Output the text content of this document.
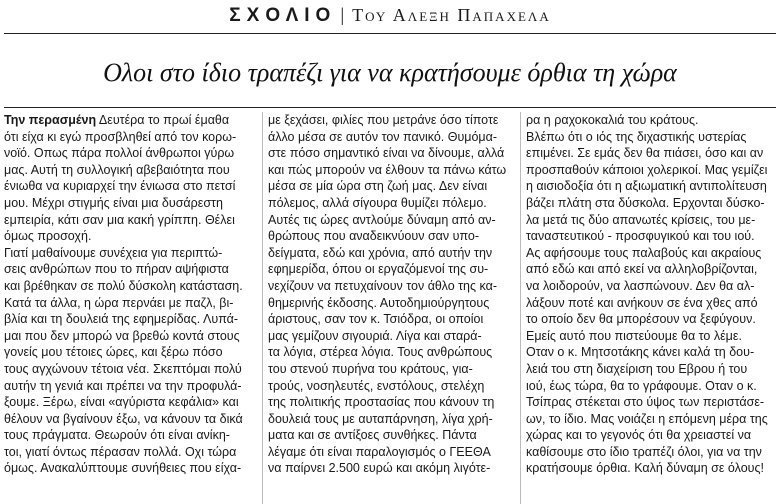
ΣΧΟΛΙΟ | Του Αλεξη Παπαχελα
Ολοι στο ίδιο τραπέζι για να κρατήσουμε όρθια τη χώρα
Την περασμένη Δευτέρα το πρωί έμαθα
ότι είχα κι εγώ προσβληθεί από τον κορω-
νοϊό. Οπως πάρα πολλοί άνθρωποι γύρω
μας. Αυτή τη συλλογική αβεβαιότητα που
ένιωθα να κυριαρχεί την ένιωσα στο πετσί
μου. Μέχρι στιγμής είναι μια δυσάρεστη
εμπειρία, κάτι σαν μια κακή γρίππη. Θέλει
όμως προσοχή.
Γιατί μαθαίνουμε συνέχεια για περιπτώ-
σεις ανθρώπων που το πήραν αψήφιστα
και βρέθηκαν σε πολύ δύσκολη κατάσταση.
Κατά τα άλλα, η ώρα περνάει με παζλ, βι-
βλία και τη δουλειά της εφημερίδας. Λυπά-
μαι που δεν μπορώ να βρεθώ κοντά στους
γονείς μου τέτοιες ώρες, και ξέρω πόσο
τους αγχώνουν τέτοια νέα. Σκεπτόμαι πολύ
αυτήν τη γενιά και πρέπει να την προφυλά-
ξουμε. Ξέρω, είναι «αγύριστα κεφάλια» και
θέλουν να βγαίνουν έξω, να κάνουν τα δικά
τους πράγματα. Θεωρούν ότι είναι ανίκη-
τοι, γιατί όντως πέρασαν πολλά. Οχι τώρα
όμως. Ανακαλύπτουμε συνήθειες που είχα-
με ξεχάσει, φιλίες που μετράνε όσο τίποτε
άλλο μέσα σε αυτόν τον πανικό. Θυμόμα-
στε πόσο σημαντικό είναι να δίνουμε, αλλά
και πώς μπορούν να έλθουν τα πάνω κάτω
μέσα σε μία ώρα στη ζωή μας. Δεν είναι
πόλεμος, αλλά σίγουρα θυμίζει πόλεμο.
Αυτές τις ώρες αντλούμε δύναμη από αν-
θρώπους που αναδεικνύουν σαν υπο-
δείγματα, εδώ και χρόνια, από αυτήν την
εφημερίδα, όπου οι εργαζόμενοί της συ-
νεχίζουν να πετυχαίνουν τον άθλο της κα-
θημερινής έκδοσης. Αυτοδημιούργητους
άριστους, σαν τον κ. Τσιόδρα, οι οποίοι
μας γεμίζουν σιγουριά. Λίγα και σταρά-
τα λόγια, στέρεα λόγια. Τους ανθρώπους
του στενού πυρήνα του κράτους, για-
τρούς, νοσηλευτές, ενστόλους, στελέχη
της πολιτικής προστασίας που κάνουν τη
δουλειά τους με αυταπάρνηση, λίγα χρή-
ματα και σε αντίξοες συνθήκες. Πάντα
λέγαμε ότι είναι παραλογισμός ο ΓΕΕΘΑ
να παίρνει 2.500 ευρώ και ακόμη λιγότε-
ρα η ραχοκοκαλιά του κράτους.
Βλέπω ότι ο ιός της διχαστικής υστερίας
επιμένει. Σε εμάς δεν θα πιάσει, όσο και αν
προσπαθούν κάποιοι χολερικοί. Μας γεμίζει
η αισιοδοξία ότι η αξιωματική αντιπολίτευση
βάζει πλάτη στα δύσκολα. Ερχονται δύσκο-
λα μετά τις δύο απανωτές κρίσεις, του με-
ταναστευτικού - προσφυγικού και του ιού.
Ας αφήσουμε τους παλαβούς και ακραίους
από εδώ και από εκεί να αλληλοβρίζονται,
να λοιδορούν, να λασπώνουν. Δεν θα αλ-
λάξουν ποτέ και ανήκουν σε ένα χθες από
το οποίο δεν θα μπορέσουν να ξεφύγουν.
Εμείς αυτό που πιστεύουμε θα το λέμε.
Οταν ο κ. Μητσοτάκης κάνει καλά τη δου-
λειά του στη διαχείριση του Εβρου ή του
ιού, έως τώρα, θα το γράφουμε. Οταν ο κ.
Τσίπρας στέκεται στο ύψος των περιστάσε-
ων, το ίδιο. Μας νοιάζει η επόμενη μέρα της
χώρας και το γεγονός ότι θα χρειαστεί να
καθίσουμε στο ίδιο τραπέζι όλοι, για να την
κρατήσουμε όρθια. Καλή δύναμη σε όλους!
